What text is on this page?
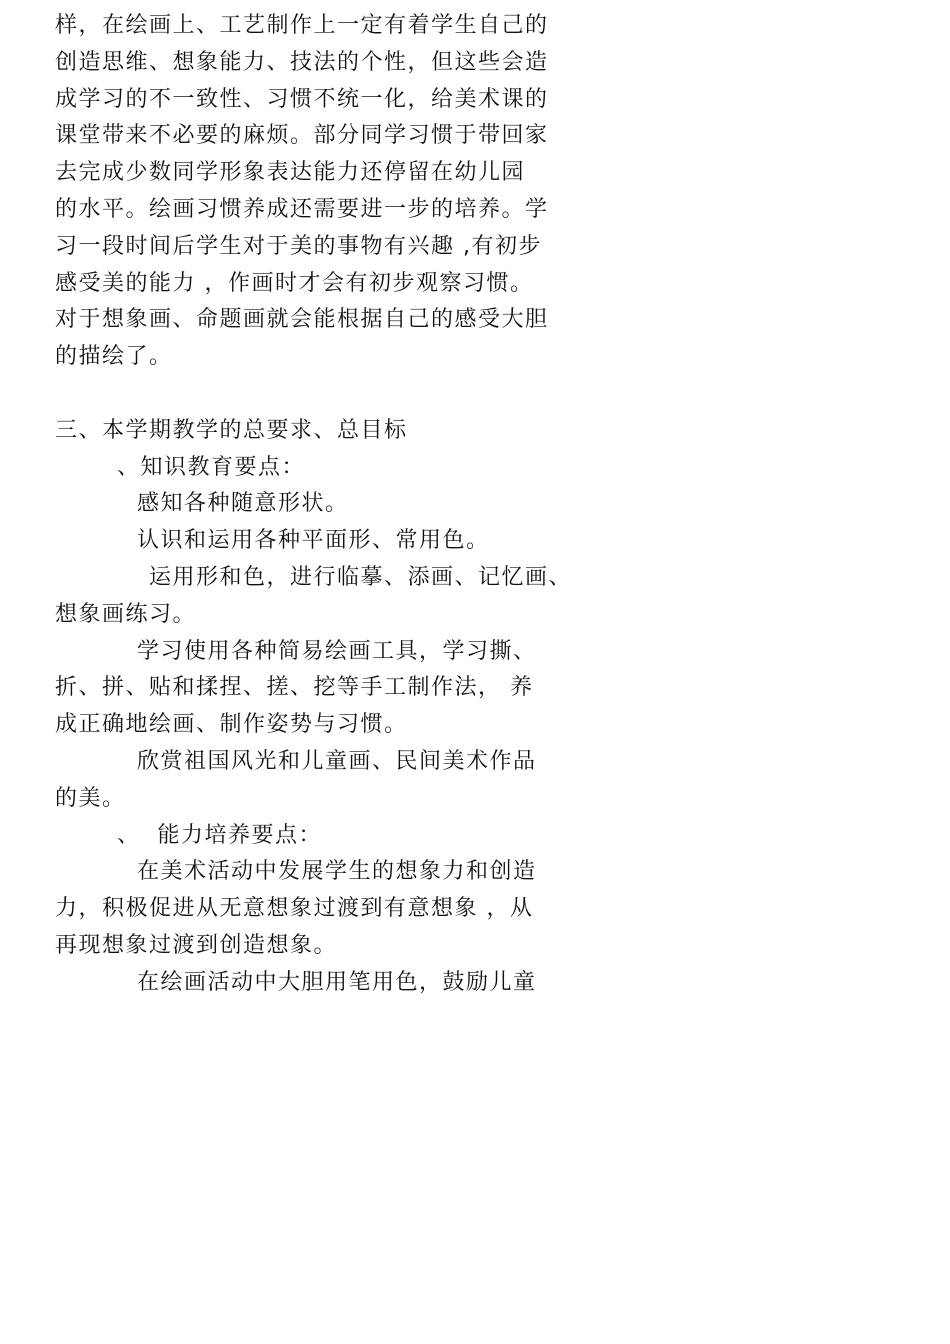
样，在绘画上、工艺制作上一定有着学生自己的
创造思维、想象能力、技法的个性，但这些会造
成学习的不一致性、习惯不统一化，给美术课的
课堂带来不必要的麻烦。部分同学习惯于带回家
去完成少数同学形象表达能力还停留在幼儿园
的水平。绘画习惯养成还需要进一步的培养。学
习一段时间后学生对于美的事物有兴趣 ,有初步
感受美的能力 ，作画时才会有初步观察习惯。
对于想象画、命题画就会能根据自己的感受大胆
的描绘了。
三、本学期教学的总要求、总目标
、知识教育要点：
感知各种随意形状。
认识和运用各种平面形、常用色。
运用形和色，进行临摹、添画、记忆画、
想象画练习。
学习使用各种简易绘画工具，学习撕、
折、拼、贴和揉捏、搓、挖等手工制作法， 养
成正确地绘画、制作姿势与习惯。
欣赏祖国风光和儿童画、民间美术作品
的美。
、  能力培养要点：
在美术活动中发展学生的想象力和创造
力，积极促进从无意想象过渡到有意想象 ，从
再现想象过渡到创造想象。
在绘画活动中大胆用笔用色，鼓励儿童
